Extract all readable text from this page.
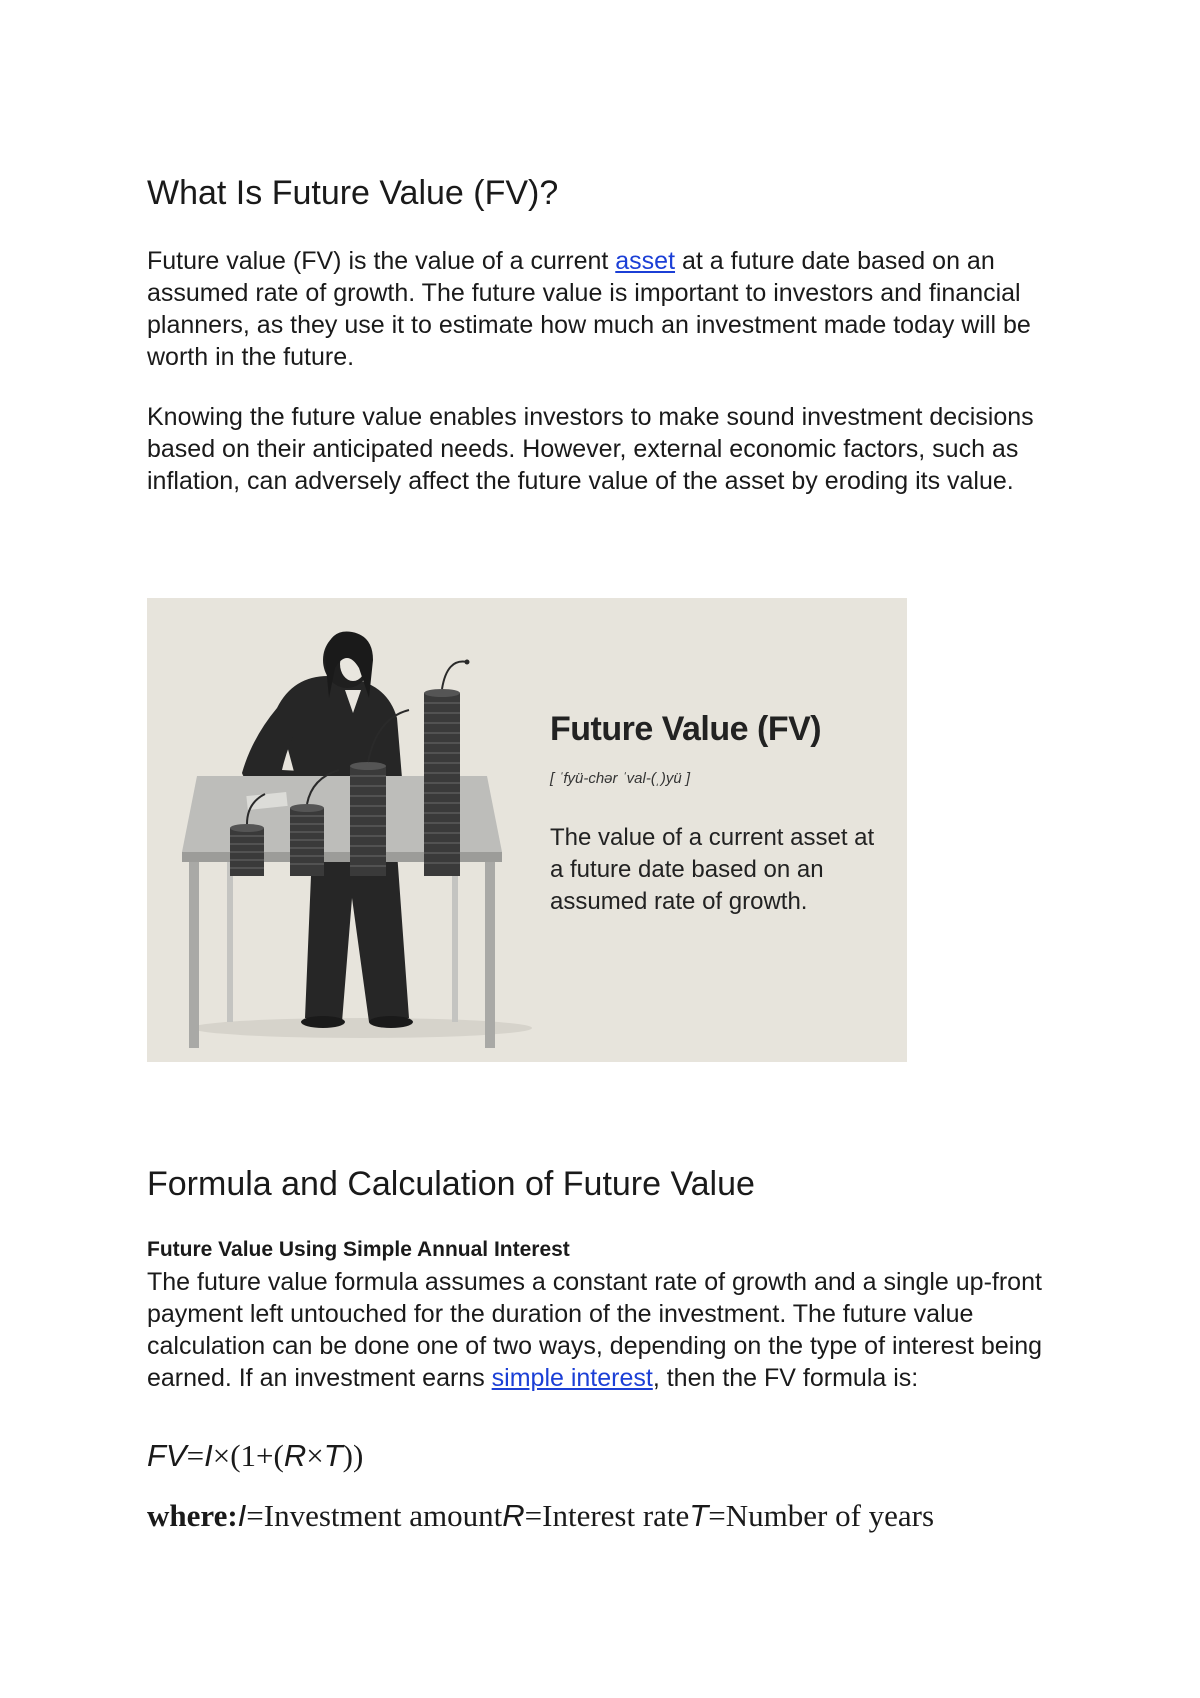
What Is Future Value (FV)?

Future value (FV) is the value of a current asset at a future date based on an assumed rate of growth. The future value is important to investors and financial planners, as they use it to estimate how much an investment made today will be worth in the future.

Knowing the future value enables investors to make sound investment decisions based on their anticipated needs. However, external economic factors, such as inflation, can adversely affect the future value of the asset by eroding its value.

Future Value (FV)
[ ˈfyü-chər ˈval-(ˌ)yü ]
The value of a current asset at a future date based on an assumed rate of growth.
Formula and Calculation of Future Value
Future Value Using Simple Annual Interest

The future value formula assumes a constant rate of growth and a single up-front payment left untouched for the duration of the investment. The future value calculation can be done one of two ways, depending on the type of interest being earned. If an investment earns simple interest, then the FV formula is:

FV=I×(1+(R×T))
where:I=Investment amountR=Interest rateT=Number of years
